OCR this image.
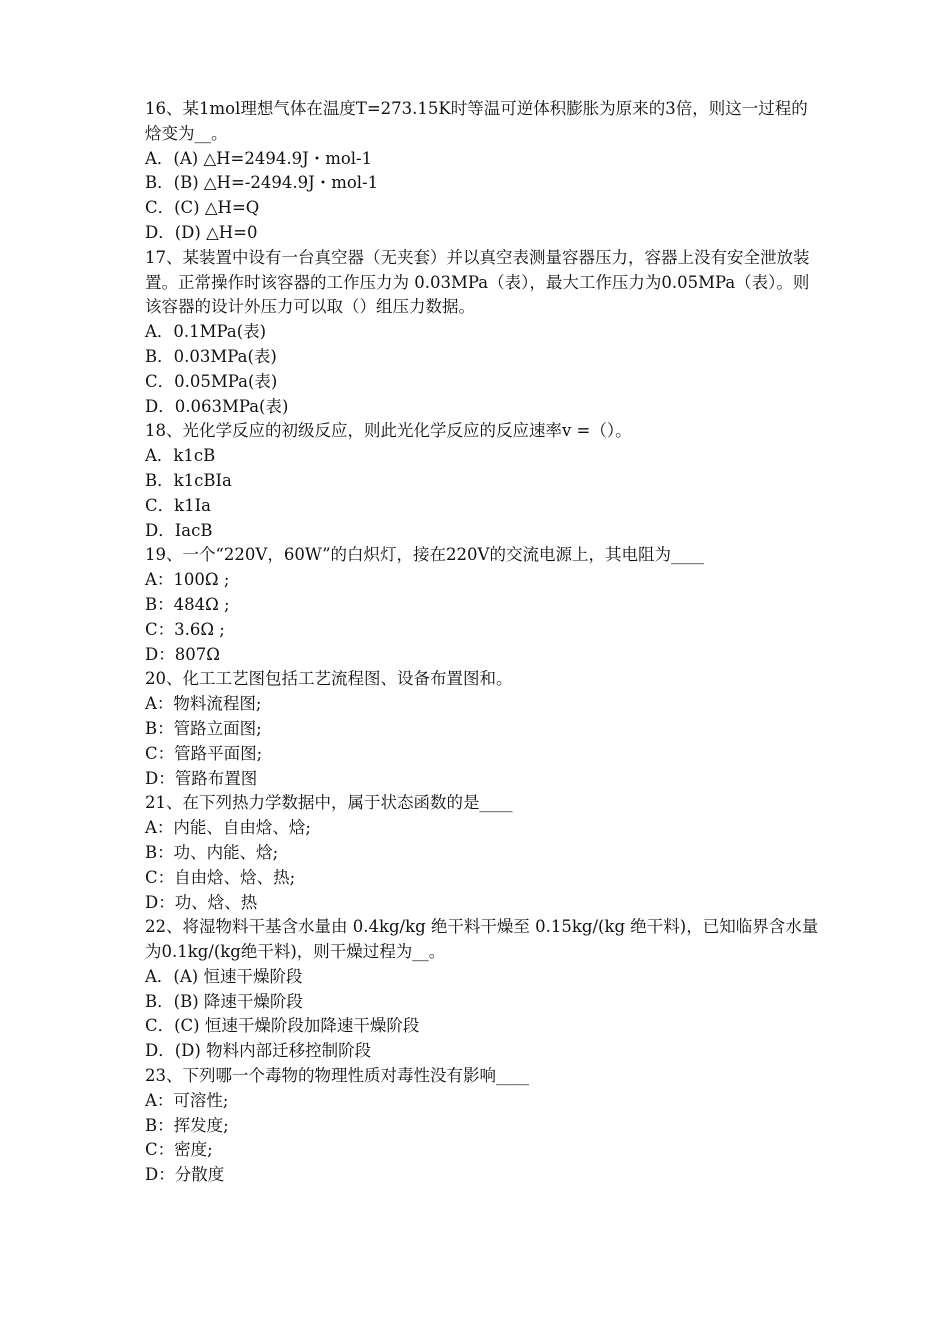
16、某1mol理想气体在温度T=273.15K时等温可逆体积膨胀为原来的3倍，则这一过程的焓变为__。

A．(A) △H=2494.9J・mol-1
B．(B) △H=-2494.9J・mol-1
C．(C) △H=Q
D．(D) △H=0

17、某装置中设有一台真空器（无夹套）并以真空表测量容器压力，容器上没有安全泄放装置。正常操作时该容器的工作压力为 0.03MPa（表），最大工作压力为0.05MPa（表）。则该容器的设计外压力可以取（）组压力数据。

A．0.1MPa(表)
B．0.03MPa(表)
C．0.05MPa(表)
D．0.063MPa(表)

18、光化学反应的初级反应，则此光化学反应的反应速率v =（）。

A．k1cB
B．k1cBIa
C．k1Ia
D．IacB

19、一个“220V，60W”的白炽灯，接在220V的交流电源上，其电阻为____

A：100Ω ;
B：484Ω ;
C：3.6Ω ;
D：807Ω

20、化工工艺图包括工艺流程图、设备布置图和。

A：物料流程图;
B：管路立面图;
C：管路平面图;
D：管路布置图

21、在下列热力学数据中，属于状态函数的是____

A：内能、自由焓、焓;
B：功、内能、焓;
C：自由焓、焓、热;
D：功、焓、热

22、将湿物料干基含水量由 0.4kg/kg 绝干料干燥至 0.15kg/(kg 绝干料)，已知临界含水量为0.1kg/(kg绝干料)，则干燥过程为__。

A．(A) 恒速干燥阶段
B．(B) 降速干燥阶段
C．(C) 恒速干燥阶段加降速干燥阶段
D．(D) 物料内部迁移控制阶段

23、下列哪一个毒物的物理性质对毒性没有影响____

A：可溶性;
B：挥发度;
C：密度;
D：分散度
